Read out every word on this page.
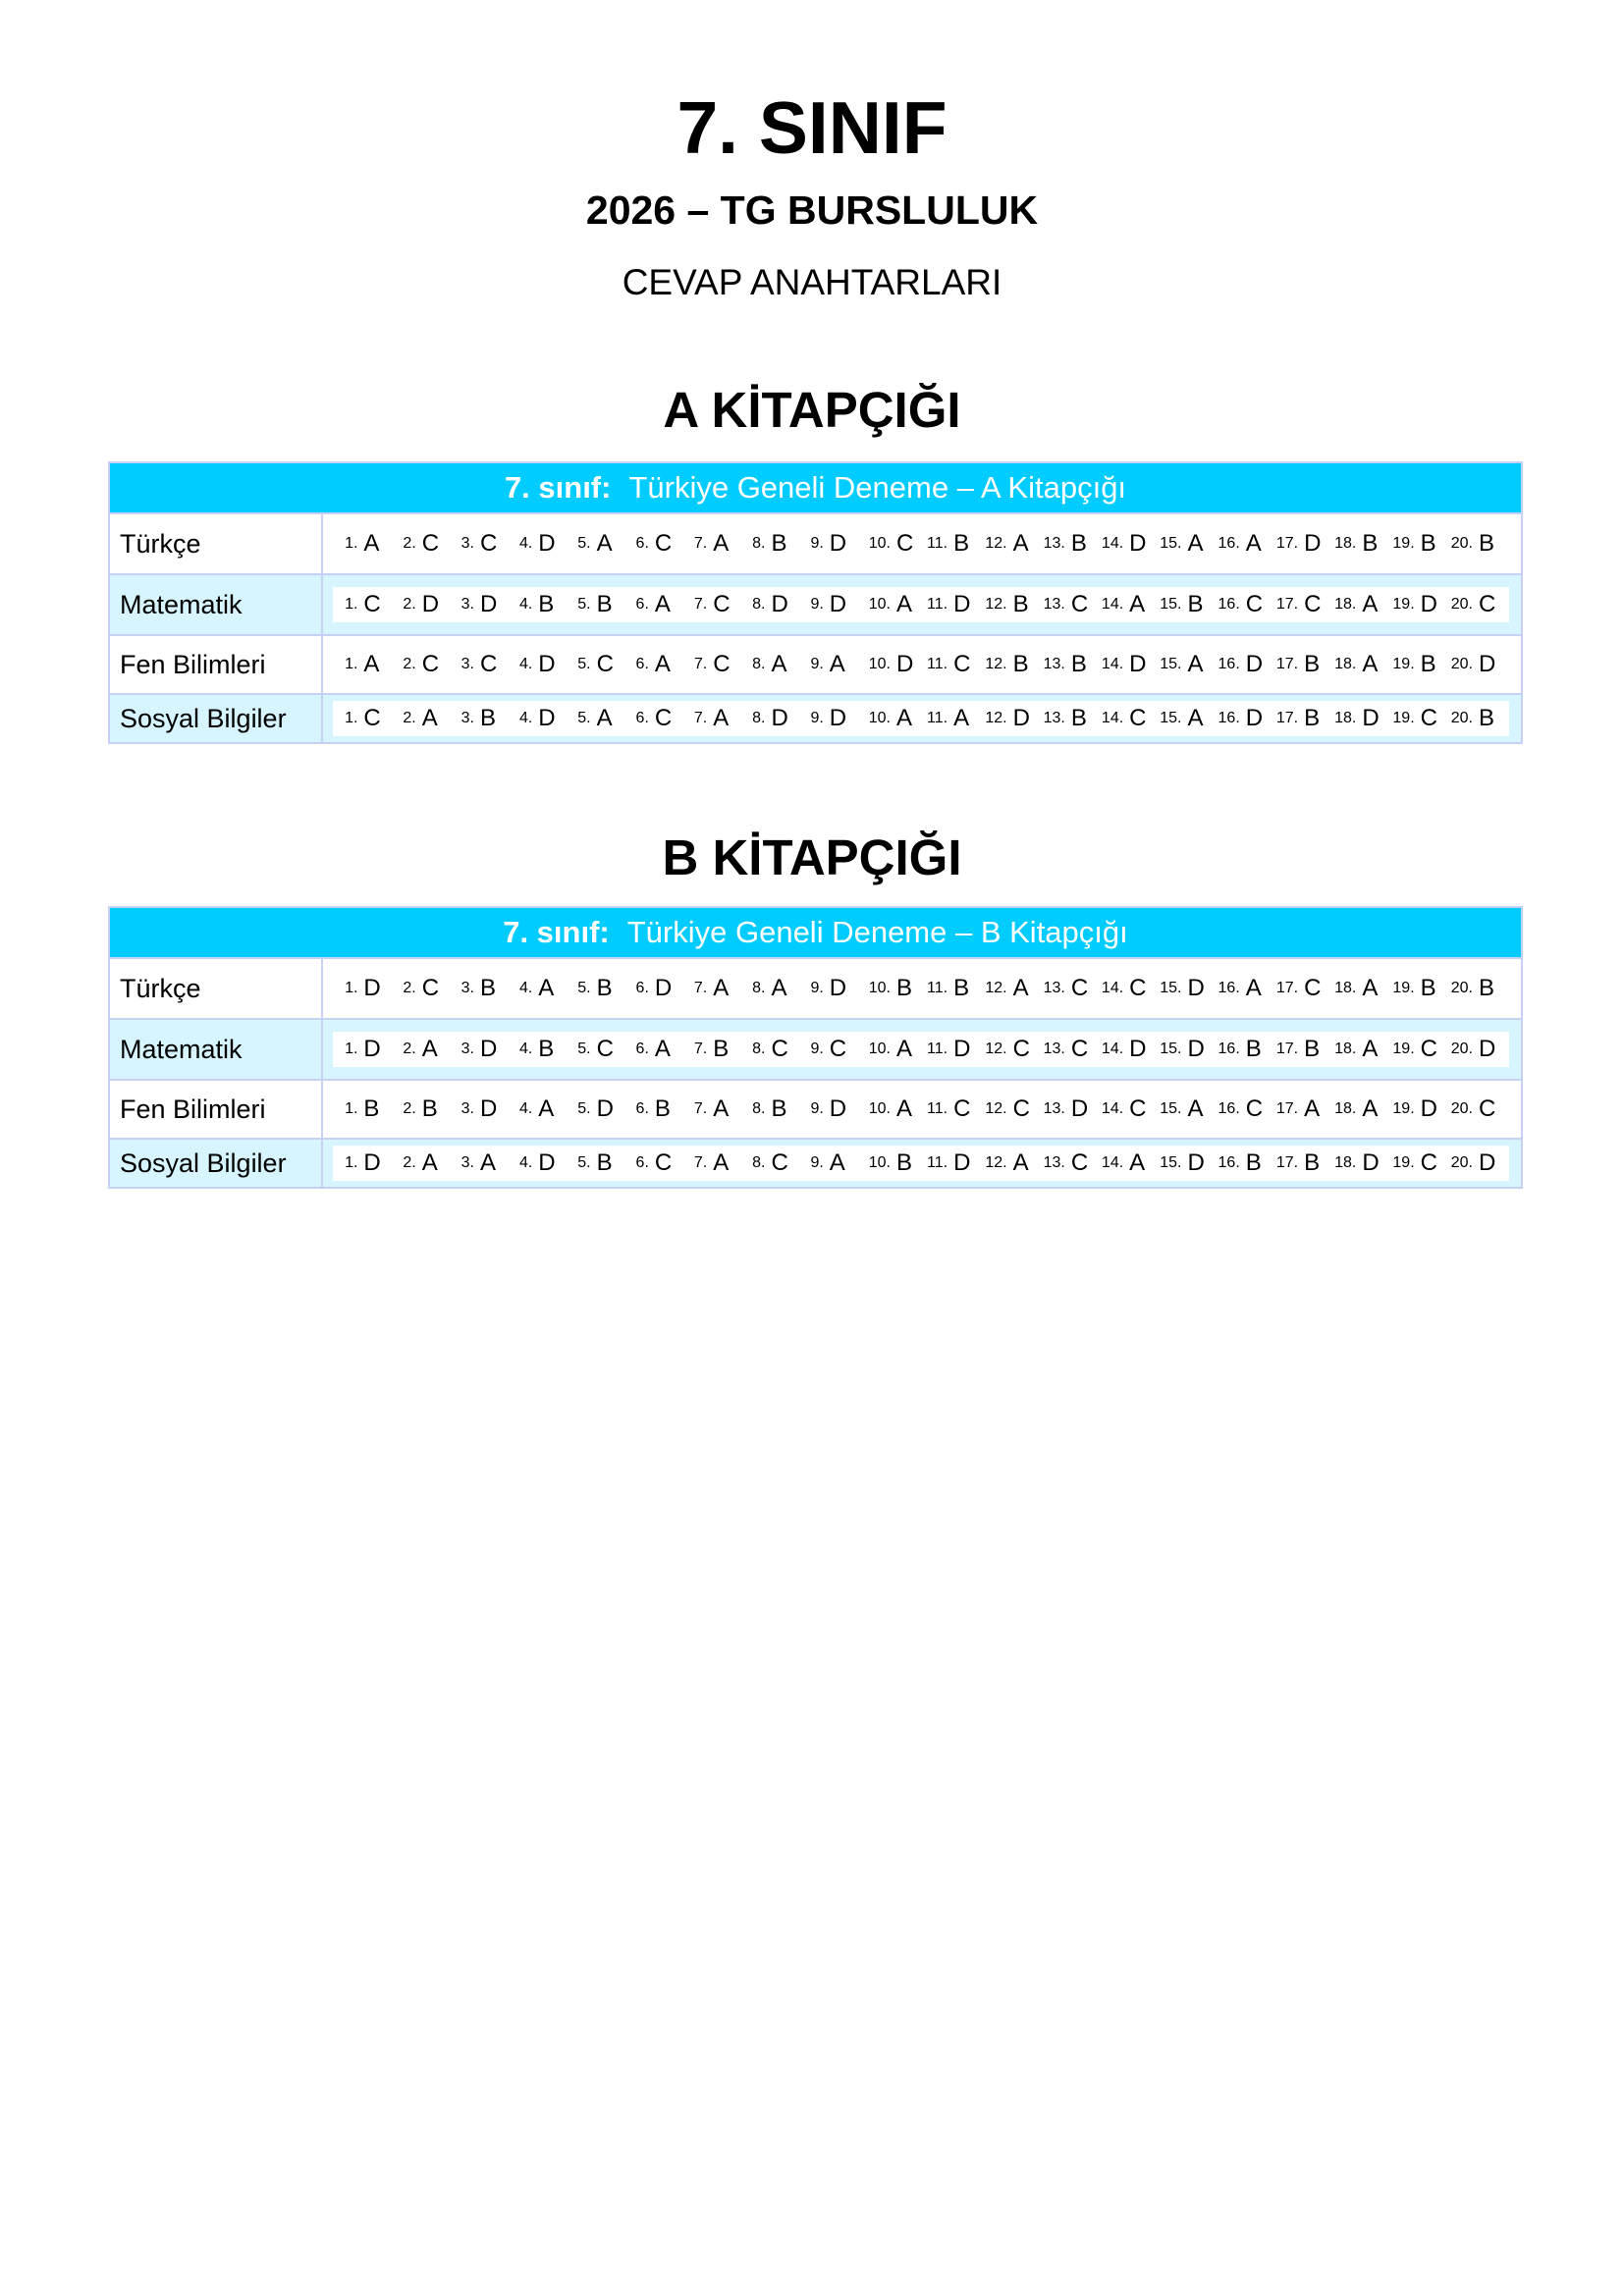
7. SINIF
2026 – TG BURSLULUK
CEVAP ANAHTARLARI
A KİTAPÇIĞI
7. sınıf: Türkiye Geneli Deneme – A Kitapçığı
Türkçe	1. A 2. C 3. C 4. D 5. A 6. C 7. A 8. B 9. D 10. C 11. B 12. A 13. B 14. D 15. A 16. A 17. D 18. B 19. B 20. B
Matematik	1. C 2. D 3. D 4. B 5. B 6. A 7. C 8. D 9. D 10. A 11. D 12. B 13. C 14. A 15. B 16. C 17. C 18. A 19. D 20. C
Fen Bilimleri	1. A 2. C 3. C 4. D 5. C 6. A 7. C 8. A 9. A 10. D 11. C 12. B 13. B 14. D 15. A 16. D 17. B 18. A 19. B 20. D
Sosyal Bilgiler	1. C 2. A 3. B 4. D 5. A 6. C 7. A 8. D 9. D 10. A 11. A 12. D 13. B 14. C 15. A 16. D 17. B 18. D 19. C 20. B
B KİTAPÇIĞI
7. sınıf: Türkiye Geneli Deneme – B Kitapçığı
Türkçe	1. D 2. C 3. B 4. A 5. B 6. D 7. A 8. A 9. D 10. B 11. B 12. A 13. C 14. C 15. D 16. A 17. C 18. A 19. B 20. B
Matematik	1. D 2. A 3. D 4. B 5. C 6. A 7. B 8. C 9. C 10. A 11. D 12. C 13. C 14. D 15. D 16. B 17. B 18. A 19. C 20. D
Fen Bilimleri	1. B 2. B 3. D 4. A 5. D 6. B 7. A 8. B 9. D 10. A 11. C 12. C 13. D 14. C 15. A 16. C 17. A 18. A 19. D 20. C
Sosyal Bilgiler	1. D 2. A 3. A 4. D 5. B 6. C 7. A 8. C 9. A 10. B 11. D 12. A 13. C 14. A 15. D 16. B 17. B 18. D 19. C 20. D
